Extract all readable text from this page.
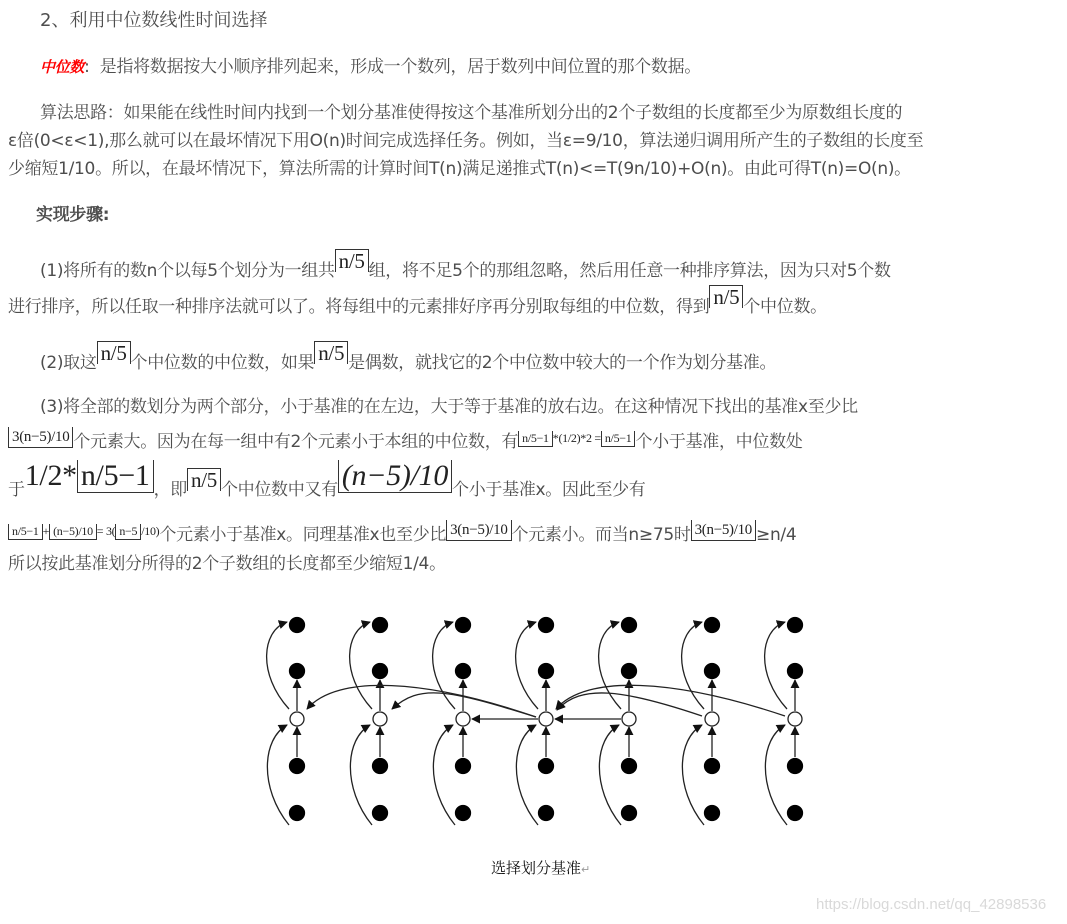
2、利用中位数线性时间选择
中位数: 是指将数据按大小顺序排列起来，形成一个数列，居于数列中间位置的那个数据。
算法思路：如果能在线性时间内找到一个划分基准使得按这个基准所划分出的2个子数组的长度都至少为原数组长度的
ε倍(0<ε<1),那么就可以在最坏情况下用O(n)时间完成选择任务。例如，当ε=9/10，算法递归调用所产生的子数组的长度至
少缩短1/10。所以，在最坏情况下，算法所需的计算时间T(n)满足递推式T(n)<=T(9n/10)+O(n)。由此可得T(n)=O(n)。
实现步骤:
(1)将所有的数n个以每5个划分为一组共 n/5 组，将不足5个的那组忽略，然后用任意一种排序算法，因为只对5个数
进行排序，所以任取一种排序法就可以了。将每组中的元素排好序再分别取每组的中位数，得到 n/5 个中位数。
(2)取这 n/5 个中位数的中位数，如果 n/5 是偶数，就找它的2个中位数中较大的一个作为划分基准。
(3)将全部的数划分为两个部分，小于基准的在左边，大于等于基准的放右边。在这种情况下找出的基准x至少比
3(n−5)/10 个元素大。因为在每一组中有2个元素小于本组的中位数，有 n/5−1 *(1/2)*2 = n/5−1 个小于基准，中位数处
于1/2* n/5−1 ，即 n/5 个中位数中又有 (n−5)/10 个小于基准x。因此至少有
n/5−1 + (n−5)/10 = 3( n−5 /10)个元素小于基准x。同理基准x也至少比 3(n−5)/10 个元素小。而当n≥75时 3(n−5)/10 ≥n/4
所以按此基准划分所得的2个子数组的长度都至少缩短1/4。
选择划分基准↵
https://blog.csdn.net/qq_42898536
